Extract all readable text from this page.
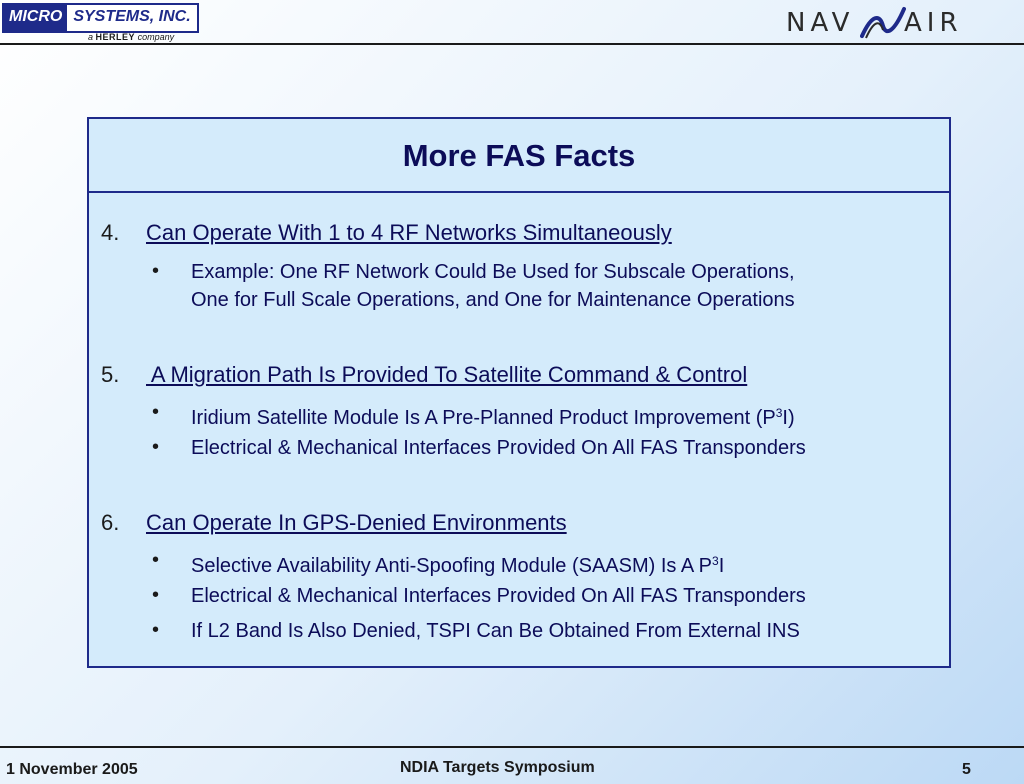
MICRO SYSTEMS, INC.
a HERLEY company	NAV AIR
More FAS Facts
4. Can Operate With 1 to 4 RF Networks Simultaneously
• Example: One RF Network Could Be Used for Subscale Operations,
One for Full Scale Operations, and One for Maintenance Operations
5. A Migration Path Is Provided To Satellite Command & Control
• Iridium Satellite Module Is A Pre-Planned Product Improvement $(P^3I)$
• Electrical & Mechanical Interfaces Provided On All FAS Transponders
6. Can Operate In GPS-Denied Environments
• Selective Availability Anti-Spoofing Module (SAASM) Is A $P^3I$
• Electrical & Mechanical Interfaces Provided On All FAS Transponders
• If L2 Band Is Also Denied, TSPI Can Be Obtained From External INS
1 November 2005	NDIA Targets Symposium	5
